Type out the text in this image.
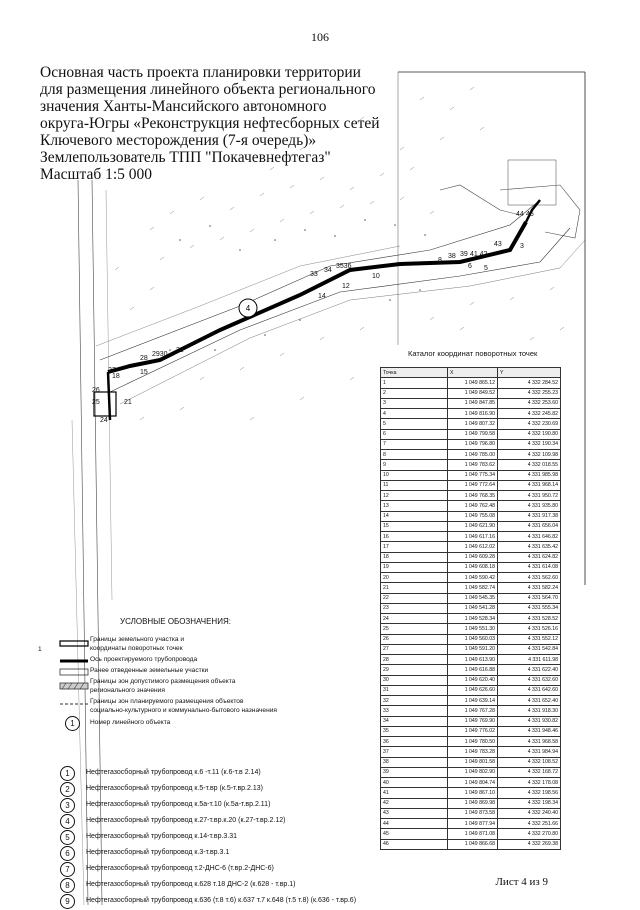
106
Основная часть проекта планировки территории
для размещения линейного объекта регионального
значения Ханты-Мансийского автономного
округа-Югры «Реконструкция нефтесборных сетей
Ключевого месторождения (7-я очередь)»
Землепользователь ТПП "Покачевнефтегаз"
Масштаб 1:5 000
4
3
5
6
8
10
12
14
15
18
21
24
25
26
27
28
2930
32
33
34
3536
38 39 41 42
43
44 45
Каталог координат поворотных точек
Точка	X	Y
1	1 049 865.12	4 332 284.52
2	1 049 849.52	4 332 255.23
3	1 049 847.85	4 332 253.60
4	1 049 816.90	4 332 245.82
5	1 049 807.32	4 332 230.69
6	1 049 799.58	4 332 190.80
7	1 049 796.80	4 332 190.34
8	1 049 785.00	4 332 109.98
9	1 049 783.62	4 332 018.55
10	1 049 775.34	4 331 985.98
11	1 049 772.64	4 331 968.14
12	1 049 768.35	4 331 950.72
13	1 049 762.48	4 331 935.80
14	1 049 755.08	4 331 917.38
15	1 049 621.90	4 331 656.04
16	1 049 617.16	4 331 646.82
17	1 049 612.02	4 331 635.42
18	1 049 609.28	4 331 624.82
19	1 049 608.18	4 331 614.08
20	1 049 590.42	4 331 562.60
21	1 049 582.74	4 331 582.24
22	1 049 545.35	4 331 564.70
23	1 049 541.28	4 331 555.34
24	1 049 528.34	4 331 528.52
25	1 049 551.30	4 331 526.16
26	1 049 560.03	4 331 552.12
27	1 049 591.20	4 331 542.84
28	1 049 613.90	4 331 611.98
29	1 049 616.88	4 331 622.40
30	1 049 620.40	4 331 632.60
31	1 049 626.60	4 331 642.60
32	1 049 639.14	4 331 652.40
33	1 049 767.28	4 331 918.30
34	1 049 769.90	4 331 930.82
35	1 049 776.02	4 331 948.46
36	1 049 780.50	4 331 968.58
37	1 049 783.28	4 331 984.94
38	1 049 801.58	4 332 108.52
39	1 049 802.90	4 332 168.72
40	1 049 804.74	4 332 178.08
41	1 049 867.10	4 332 198.56
42	1 049 869.98	4 332 198.34
43	1 049 873.58	4 332 240.40
44	1 049 877.94	4 332 251.66
45	1 049 871.08	4 332 270.80
46	1 049 866.68	4 332 269.38
УСЛОВНЫЕ ОБОЗНАЧЕНИЯ:
Границы земельного участка и
координаты поворотных точек
1
Ось проектируемого трубопровода
Ранее отведенные земельные участки
Границы зон допустимого размещения объекта
регионального значения
Границы зон планируемого размещения объектов
социально-культурного и коммунально-бытового назначения
1	Номер линейного объекта
1	Нефтегазосборный трубопровод к.6 -т.11 (к.6-т.в 2.14)
2	Нефтегазосборный трубопровод к.5-т.вр (к.5-т.вр.2.13)
3	Нефтегазосборный трубопровод к.5а-т.10 (к.5а-т.вр.2.11)
4	Нефтегазосборный трубопровод к.27-т.вр.к.20 (к.27-т.вр.2.12)
5	Нефтегазосборный трубопровод к.14-т.вр.3.31
6	Нефтегазосборный трубопровод к.3-т.вр.3.1
7	Нефтегазосборный трубопровод т.2-ДНС-6 (т.вр.2-ДНС-6)
8	Нефтегазосборный трубопровод к.628 т.18 ДНС-2 (к.628 - т.вр.1)
9	Нефтегазосборный трубопровод к.636 (т.8 т.6) к.637 т.7 к.648 (т.5 т.8) (к.636 - т.вр.6)
Лист 4 из 9
